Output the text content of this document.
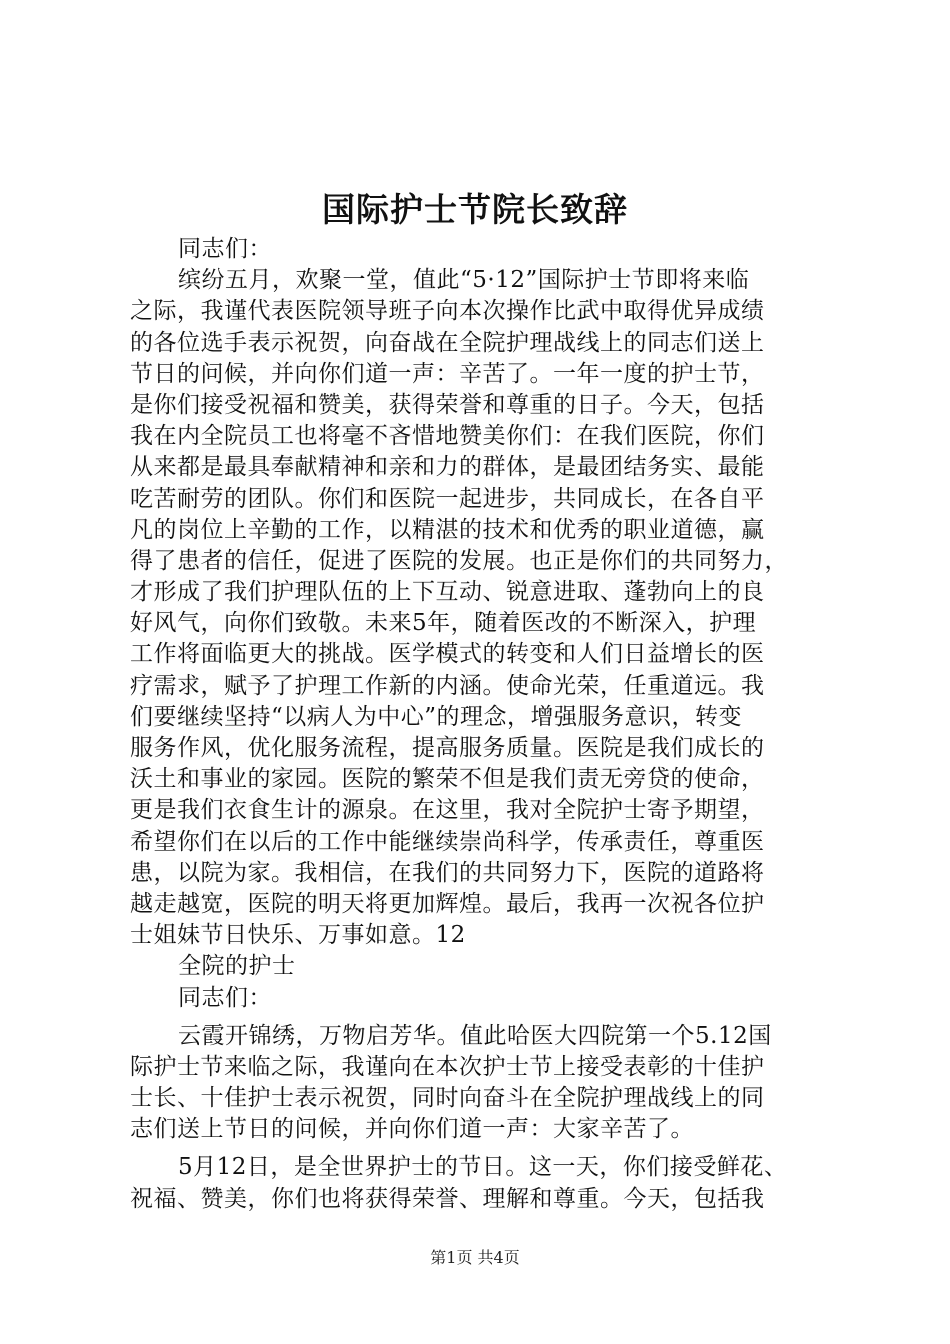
国际护士节院长致辞
同志们：
缤纷五月，欢聚一堂，值此“5·12”国际护士节即将来临
之际，我谨代表医院领导班子向本次操作比武中取得优异成绩
的各位选手表示祝贺，向奋战在全院护理战线上的同志们送上
节日的问候，并向你们道一声：辛苦了。一年一度的护士节，
是你们接受祝福和赞美，获得荣誉和尊重的日子。今天，包括
我在内全院员工也将毫不吝惜地赞美你们：在我们医院，你们
从来都是最具奉献精神和亲和力的群体，是最团结务实、最能
吃苦耐劳的团队。你们和医院一起进步，共同成长，在各自平
凡的岗位上辛勤的工作，以精湛的技术和优秀的职业道德，赢
得了患者的信任，促进了医院的发展。也正是你们的共同努力，
才形成了我们护理队伍的上下互动、锐意进取、蓬勃向上的良
好风气，向你们致敬。未来5年，随着医改的不断深入，护理
工作将面临更大的挑战。医学模式的转变和人们日益增长的医
疗需求，赋予了护理工作新的内涵。使命光荣，任重道远。我
们要继续坚持“以病人为中心”的理念，增强服务意识，转变
服务作风，优化服务流程，提高服务质量。医院是我们成长的
沃土和事业的家园。医院的繁荣不但是我们责无旁贷的使命，
更是我们衣食生计的源泉。在这里，我对全院护士寄予期望，
希望你们在以后的工作中能继续崇尚科学，传承责任，尊重医
患，以院为家。我相信，在我们的共同努力下，医院的道路将
越走越宽，医院的明天将更加辉煌。最后，我再一次祝各位护
士姐妹节日快乐、万事如意。12
全院的护士
同志们：
云霞开锦绣，万物启芳华。值此哈医大四院第一个5.12国
际护士节来临之际，我谨向在本次护士节上接受表彰的十佳护
士长、十佳护士表示祝贺，同时向奋斗在全院护理战线上的同
志们送上节日的问候，并向你们道一声：大家辛苦了。
5月12日，是全世界护士的节日。这一天，你们接受鲜花、
祝福、赞美，你们也将获得荣誉、理解和尊重。今天，包括我
第1页 共4页
